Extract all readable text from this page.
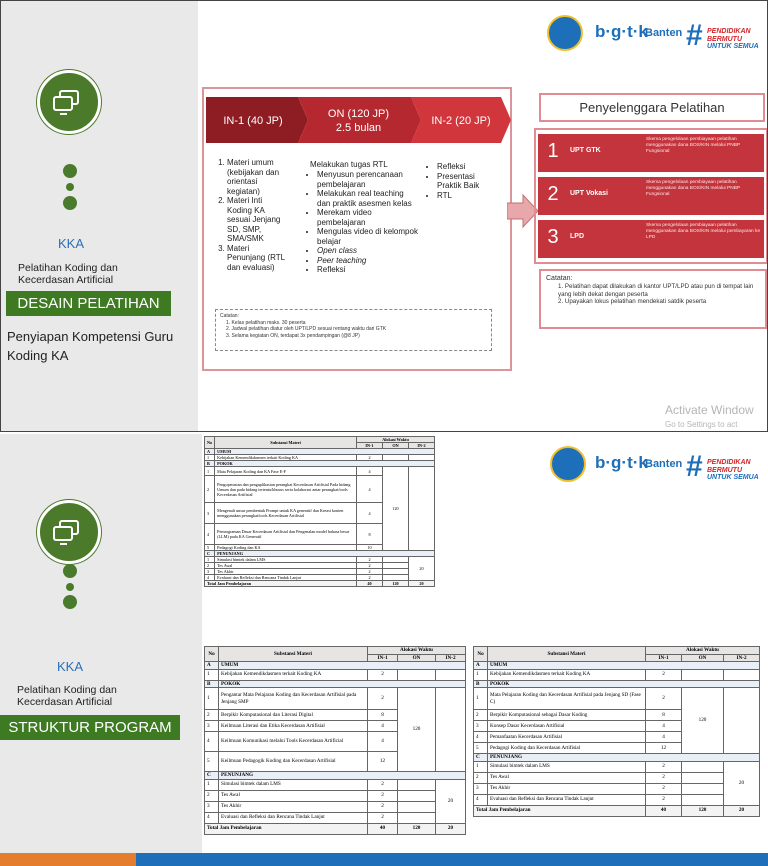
KKA
Pelatihan Koding dan
Kecerdasan Artificial
DESAIN PELATIHAN
Penyiapan Kompetensi Guru
Koding KA
b·g·t·k
Banten # PENDIDIKAN
BERMUTU
UNTUK SEMUA
IN-1 (40 JP)
ON (120 JP)
2.5 bulan
IN-2 (20 JP)
1. Materi umum (kebijakan dan orientasi kegiatan)
2. Materi Inti Koding KA sesuai Jenjang SD, SMP, SMA/SMK
3. Materi Penunjang (RTL dan evaluasi)
Melakukan tugas RTL
• Menyusun perencanaan pembelajaran
• Melakukan real teaching dan praktik asesmen kelas
• Merekam video pembelajaran
• Mengulas video di kelompok belajar
• Open class
• Peer teaching
• Refleksi
• Refleksi
• Presentasi Praktik Baik
• RTL
Catatan:
1. Kelas pelatihan maks. 30 peserta
2. Jadwal pelatihan diatur oleh UPT/LPD sesuai rentang waktu dari GTK
3. Selama kegiatan ON, terdapat 3x pendampingan (@8 JP)
Penyelenggara Pelatihan
1	UPT GTK
Skema pengelolaan pembiayaan pelatihan menggunakan dana BOS/KIN melalui PNBP Fungsional
2	UPT Vokasi
Skema pengelolaan pembiayaan pelatihan menggunakan dana BOS/KIN melalui PNBP Fungsional
3	LPD
Skema pengelolaan pembiayaan pelatihan menggunakan dana BOS/KIN melalui pembayaran ke LPD
Catatan:
1. Pelatihan dapat dilakukan di kantor UPT/LPD atau pun di tempat lain yang lebih dekat dengan peserta
2. Upayakan lokus pelatihan mendekati satdik peserta
Activate Window
Go to Settings to act
KKA
Pelatihan Koding dan
Kecerdasan Artificial
STRUKTUR PROGRAM
b·g·t·k
Banten # PENDIDIKAN
BERMUTU
UNTUK SEMUA
No	Substansi Materi	Alokasi Waktu		
		IN-1	ON	IN-2
A	UMUM			
1	Kebijakan Kemendikdasmen terkait Koding KA	2		
B	POKOK			
1	Mata Pelajaran Koding dan KA Fase E-F	4	120	
2	Pengoperasian dan pengaplikasian perangkat Kecerdasan Artifisial Pada bidang Umum dan pada bidang tertentu/khusus serta kolaborasi antar perangkat/tools Kecerdasan Artifisial	4		
3	Mengenali unsur pembentuk Prompt untuk KA generatif dan Kreasi konten menggunakan perangkat/tools Kecerdasan Artifisial	4		
4	Pemrograman Dasar Kecerdasan Artifisial dan Pengenalan model bahasa besar (LLM) pada KA Generatif	8		
5	Pedagogi Koding dan KA	10		
C	PENUNJANG			
1	Simulasi bimtek dalam LMS	2		20
2	Tes Awal	2		
3	Tes Akhir	2		
4	Evaluasi dan Refleksi dan Rencana Tindak Lanjut	2		
Total Jam Pembelajaran		40	120	20
No	Substansi Materi	Alokasi Waktu		
		IN-1	ON	IN-2
A	UMUM			
1	Kebijakan Kemendikdasmen terkait Koding KA	2		
B	POKOK			
1	Pengantar Mata Pelajaran Koding dan Kecerdasan Artifisial pada Jenjang SMP	2	120	
2	Berpikir Komputasional dan Literasi Digital	8		
3	Keilmuan Literasi dan Etika Kecerdasan Artifisial	4		
4	Keilmuan Komunikasi melalui Tools Kecerdasan Artificial	4		
5	Keilmuan Pedagogik Koding dan Kecerdasan Artifisial	12		
C	PENUNJANG			
1	Simulasi bimtek dalam LMS	2		20
2	Tes Awal	2		
3	Tes Akhir	2		
4	Evaluasi dan Refleksi dan Rencana Tindak Lanjut	2		
Total Jam Pembelajaran		40	120	20
No	Substansi Materi	Alokasi Waktu		
		IN-1	ON	IN-2
A	UMUM			
1	Kebijakan Kemendikdasmen terkait Koding KA	2		
B	POKOK			
1	Mata Pelajaran Koding dan Kecerdasan Artifisial pada Jenjang SD (Fase C)	2	120	
2	Berpikir Komputasional sebagai Dasar Koding	8		
3	Konsep Dasar Kecerdasan Artifisial	4		
4	Pemanfaatan Kecerdasan Artifisial	4		
5	Pedagogi Koding dan Kecerdasan Artifisial	12		
C	PENUNJANG			
1	Simulasi bimtek dalam LMS	2		20
2	Tes Awal	2		
3	Tes Akhir	2		
4	Evaluasi dan Refleksi dan Rencana Tindak Lanjut	2		
Total Jam Pembelajaran		40	120	20
